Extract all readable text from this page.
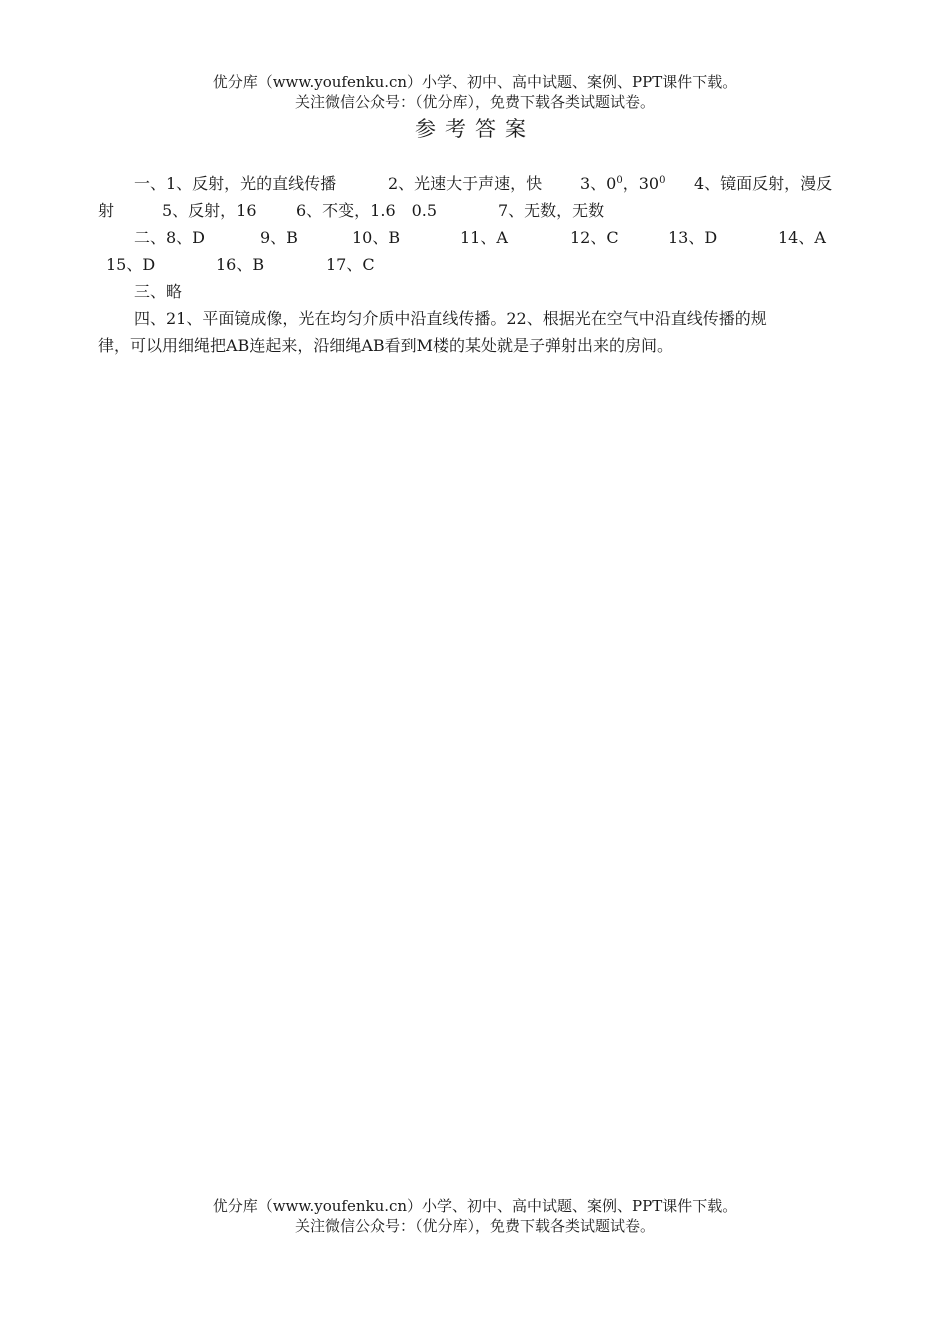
优分库（www.youfenku.cn）小学、初中、高中试题、案例、PPT课件下载。
关注微信公众号：（优分库），免费下载各类试题试卷。
参考答案
一、1、反射，光的直线传播	2、光速大于声速，快 3、$0^0$，$30^0$ 4、镜面反射，漫反
射	5、反射，16 6、不变，1.6　0.5	7、无数，无数
二、8、D	9、B	10、B	11、A	12、C	13、D	14、A
15、D	16、B	17、C
三、略
四、21、平面镜成像，光在均匀介质中沿直线传播。22、根据光在空气中沿直线传播的规
律，可以用细绳把AB连起来，沿细绳AB看到M楼的某处就是子弹射出来的房间。
优分库（www.youfenku.cn）小学、初中、高中试题、案例、PPT课件下载。
关注微信公众号：（优分库），免费下载各类试题试卷。
